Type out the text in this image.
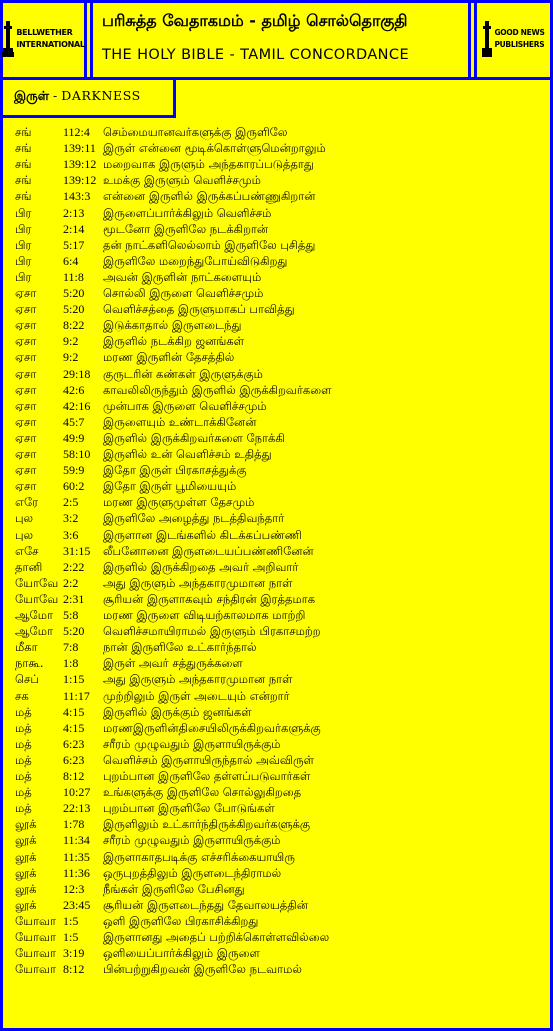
BELLWETHER
INTERNATIONAL
பரிசுத்த வேதாகமம் - தமிழ் சொல்தொகுதி
THE HOLY BIBLE - TAMIL CONCORDANCE
GOOD NEWS
PUBLISHERS
இருள் - DARKNESS
சங்	112:4	செம்மையானவர்களுக்கு இருளிலே
சங்	139:11 இருள் என்னை மூடிக்கொள்ளுமென்றாலும்
சங்	139:12 மறைவாக இருளும் அந்தகாரப்படுத்தாது
சங்	139:12 உமக்கு இருளும் வெளிச்சமும்
சங்	143:3	என்னை இருளில் இருக்கப்பண்ணுகிறான்
பிர	2:13	இருளைப்பார்க்கிலும் வெளிச்சம்
பிர	2:14	மூடனோ இருளிலே நடக்கிறான்
பிர	5:17	தன் நாட்களிலெல்லாம் இருளிலே புசித்து
பிர	6:4	இருளிலே மறைந்துபோய்விடுகிறது
பிர	11:8	அவன் இருளின் நாட்களையும்
ஏசா	5:20	சொல்லி இருளை வெளிச்சமும்
ஏசா	5:20	வெளிச்சத்தை இருளுமாகப் பாவித்து
ஏசா	8:22	இடுக்காதால் இருளடைந்து
ஏசா	9:2	இருளில் நடக்கிற ஜனங்கள்
ஏசா	9:2	மரண இருளின் தேசத்தில்
ஏசா	29:18	குருடரின் கண்கள் இருளுக்கும்
ஏசா	42:6	காவலிலிருந்தும் இருளில் இருக்கிறவர்களை
ஏசா	42:16	முன்பாக இருளை வெளிச்சமும்
ஏசா	45:7	இருளையும் உண்டாக்கினேன்
ஏசா	49:9	இருளில் இருக்கிறவர்களை நோக்கி
ஏசா	58:10	இருளில் உன் வெளிச்சம் உதித்து
ஏசா	59:9	இதோ இருள் பிரகாசத்துக்கு
ஏசா	60:2	இதோ இருள் பூமியையும்
எரே	2:5	மரண இருளுமுள்ள தேசமும்
புல	3:2	இருளிலே அழைத்து நடத்திவந்தார்
புல	3:6	இருளான இடங்களில் கிடக்கப்பண்ணி
எசே	31:15	லீபனோனை இருளடையப்பண்ணினேன்
தானி	2:22	இருளில் இருக்கிறதை அவர் அறிவார்
யோவே 2:2	அது இருளும் அந்தகாரமுமான நாள்
யோவே 2:31	சூரியன் இருளாகவும் சந்திரன் இரத்தமாக
ஆமோ 5:8	மரண இருளை விடியற்காலமாக மாற்றி
ஆமோ 5:20	வெளிச்சமாயிராமல் இருளும் பிரகாசமற்ற
மீகா	7:8	நான் இருளிலே உட்கார்ந்தால்
நாகூ.	1:8	இருள் அவர் சத்துருக்களை
செப்	1:15	அது இருளும் அந்தகாரமுமான நாள்
சக	11:17	முற்றிலும் இருள் அடையும் என்றார்
மத்	4:15	இருளில் இருக்கும் ஜனங்கள்
மத்	4:15	மரணஇருளின்திசையிலிருக்கிறவர்களுக்கு
மத்	6:23	சரீரம் முழுவதும் இருளாயிருக்கும்
மத்	6:23	வெளிச்சம் இருளாயிருந்தால் அவ்விருள்
மத்	8:12	புறம்பான இருளிலே தள்ளப்படுவார்கள்
மத்	10:27	உங்களுக்கு இருளிலே சொல்லுகிறதை
மத்	22:13	புறம்பான இருளிலே போடுங்கள்
லூக்	1:78	இருளிலும் உட்கார்ந்திருக்கிறவர்களுக்கு
லூக்	11:34	சரீரம் முழுவதும் இருளாயிருக்கும்
லூக்	11:35	இருளாகாதபடிக்கு எச்சரிக்கையாயிரு
லூக்	11:36	ஒருபுறத்திலும் இருளடைந்திராமல்
லூக்	12:3	நீங்கள் இருளிலே பேசினது
லூக்	23:45	சூரியன் இருளடைந்தது தேவாலயத்தின்
யோவா 1:5	ஒளி இருளிலே பிரகாசிக்கிறது
யோவா 1:5	இருளானது அதைப் பற்றிக்கொள்ளவில்லை
யோவா 3:19	ஒளியைப்பார்க்கிலும் இருளை
யோவா 8:12	பின்பற்றுகிறவன் இருளிலே நடவாமல்
